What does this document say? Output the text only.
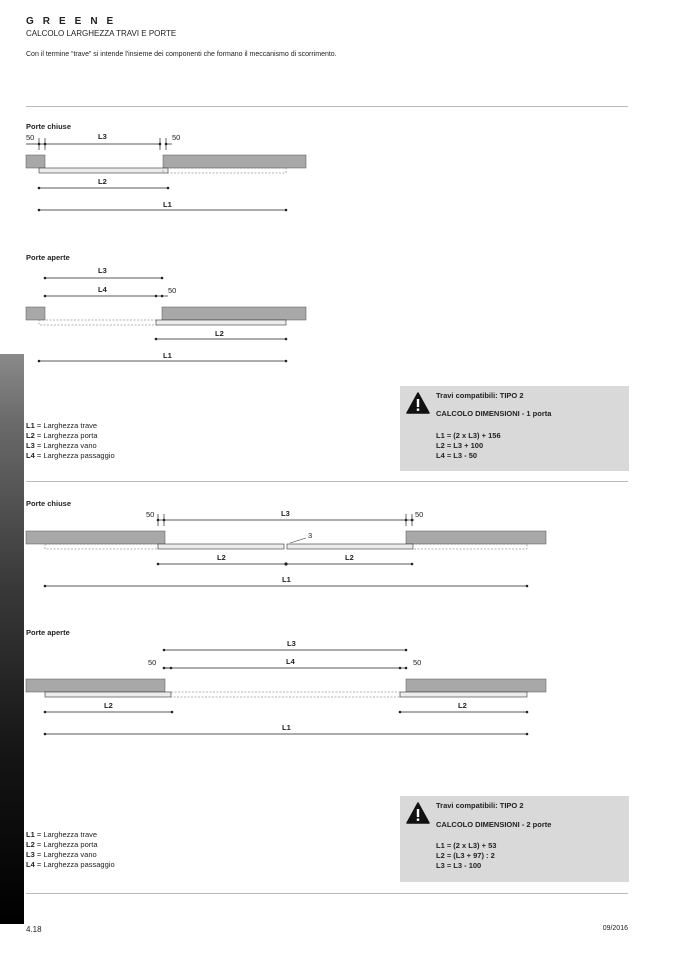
GREENE
CALCOLO LARGHEZZA TRAVI E PORTE
Con il termine “trave” si intende l'insieme dei componenti che formano il meccanismo di scorrimento.
Porte chiuse
50	L3	50
L2
L1
Porte aperte
L3
L4	50
L2
L1
L1 = Larghezza trave
L2 = Larghezza porta
L3 = Larghezza vano
L4 = Larghezza passaggio
Travi compatibili: TIPO 2
CALCOLO DIMENSIONI - 1 porta
L1 = (2 x L3) + 156
L2 = L3 + 100
L4 = L3 - 50
Porte chiuse
50	L3	50
3
L2	L2
L1
Porte aperte
L3
50	L4	50
L2	L2
L1
L1 = Larghezza trave
L2 = Larghezza porta
L3 = Larghezza vano
L4 = Larghezza passaggio
Travi compatibili: TIPO 2
CALCOLO DIMENSIONI - 2 porte
L1 = (2 x L3) + 53
L2 = (L3 + 97) : 2
L3 = L3 - 100
4.18	09/2016
